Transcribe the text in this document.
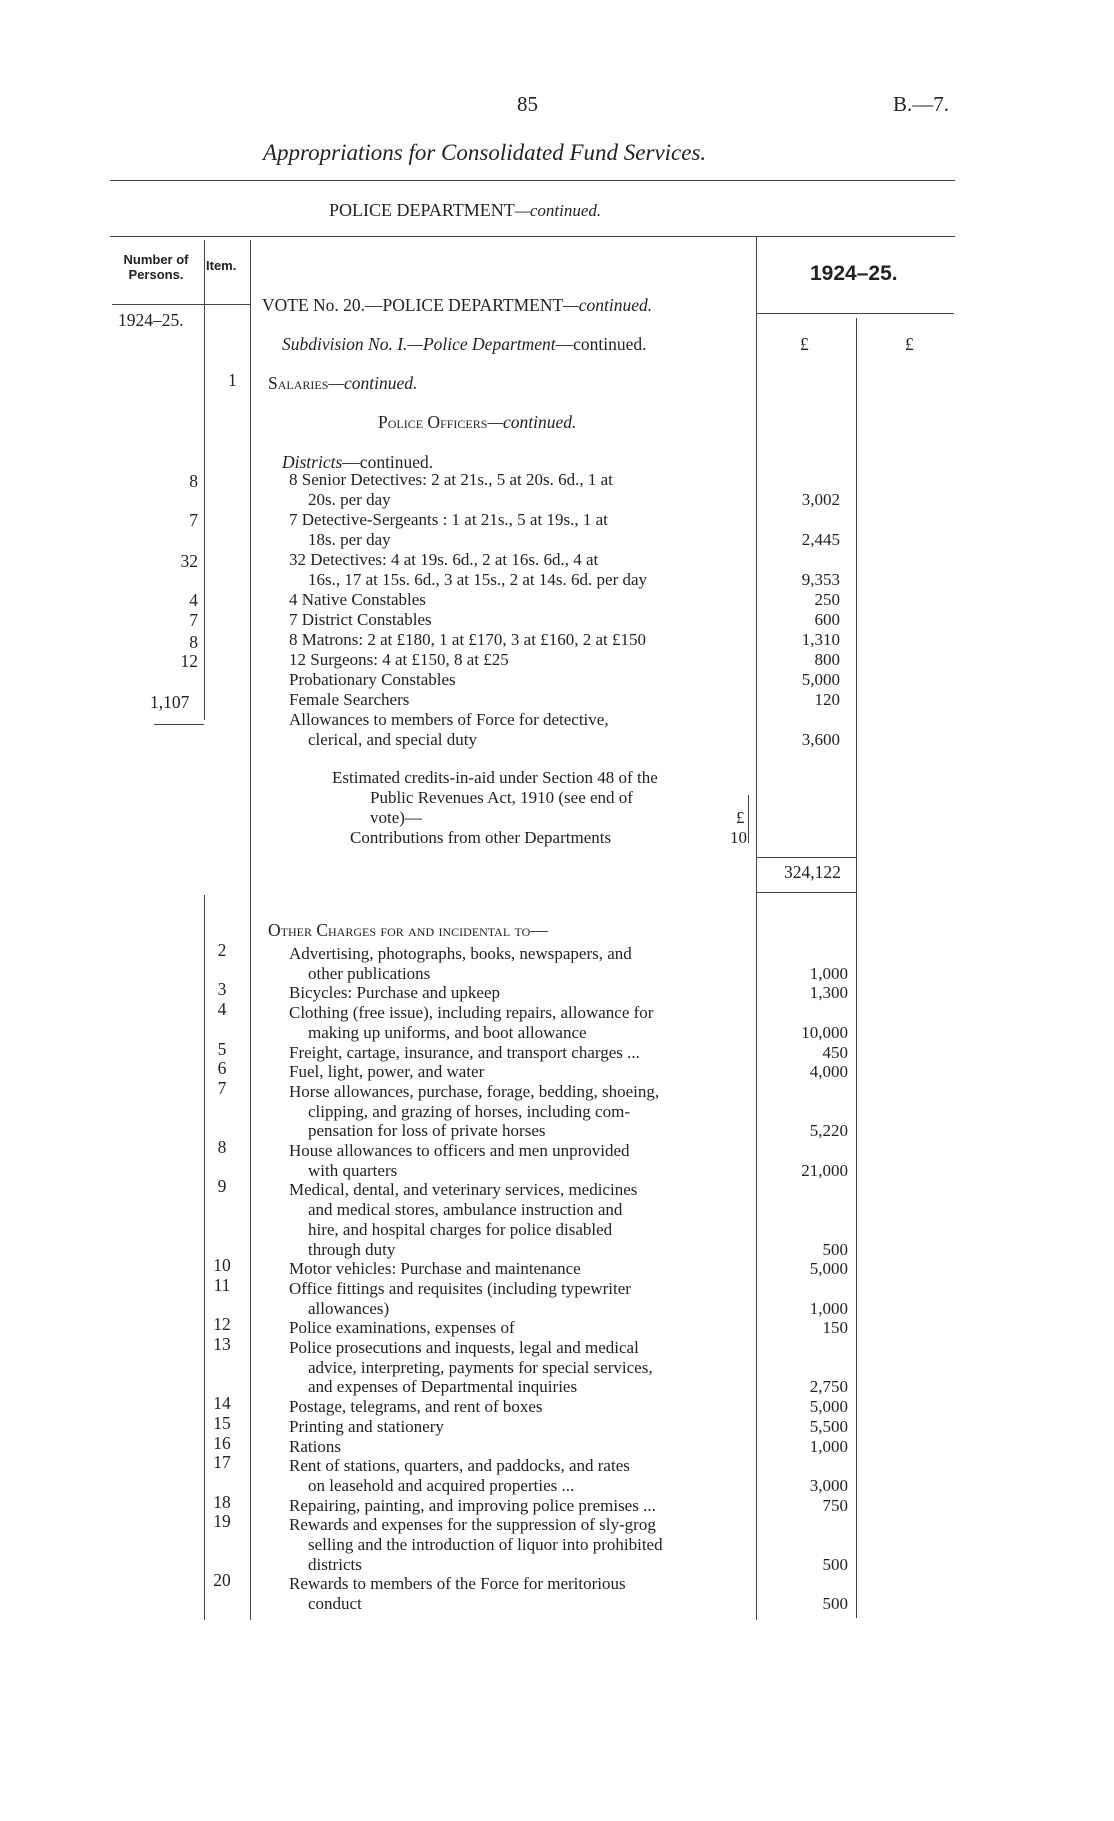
85	B.—7.
Appropriations for Consolidated Fund Services.
POLICE DEPARTMENT—continued.
Number of Persons.
Item.
1924–25.
1924–25.
VOTE No. 20.—POLICE DEPARTMENT—continued.
Subdivision No. I.—Police Department—continued.	£	£
1 Salaries—continued.
Police Officers—continued.
Districts—continued.
8	8 Senior Detectives: 2 at 21s., 5 at 20s. 6d., 1 at
20s. per day	3,002
7	7 Detective-Sergeants : 1 at 21s., 5 at 19s., 1 at
18s. per day	2,445
32	32 Detectives: 4 at 19s. 6d., 2 at 16s. 6d., 4 at
16s., 17 at 15s. 6d., 3 at 15s., 2 at 14s. 6d. per day	9,353
4	4 Native Constables	250
7	7 District Constables	600
8	8 Matrons: 2 at £180, 1 at £170, 3 at £160, 2 at £150	1,310
12	12 Surgeons: 4 at £150, 8 at £25	800
Probationary Constables	5,000
Female Searchers	120
Allowances to members of Force for detective,
clerical, and special duty	3,600
1,107
Estimated credits-in-aid under Section 48 of the
Public Revenues Act, 1910 (see end of
vote)—	£
Contributions from other Departments	10
324,122
Other Charges for and incidental to—
2	Advertising, photographs, books, newspapers, and
other publications	1,000
3	Bicycles: Purchase and upkeep	1,300
4	Clothing (free issue), including repairs, allowance for
making up uniforms, and boot allowance	10,000
5	Freight, cartage, insurance, and transport charges ...	450
6	Fuel, light, power, and water	4,000
7	Horse allowances, purchase, forage, bedding, shoeing,
clipping, and grazing of horses, including com-
pensation for loss of private horses	5,220
8	House allowances to officers and men unprovided
with quarters	21,000
9	Medical, dental, and veterinary services, medicines
and medical stores, ambulance instruction and
hire, and hospital charges for police disabled
through duty	500
10	Motor vehicles: Purchase and maintenance	5,000
11	Office fittings and requisites (including typewriter
allowances)	1,000
12	Police examinations, expenses of	150
13	Police prosecutions and inquests, legal and medical
advice, interpreting, payments for special services,
and expenses of Departmental inquiries	2,750
14	Postage, telegrams, and rent of boxes	5,000
15	Printing and stationery	5,500
16	Rations	1,000
17	Rent of stations, quarters, and paddocks, and rates
on leasehold and acquired properties ...	3,000
18	Repairing, painting, and improving police premises ...	750
19	Rewards and expenses for the suppression of sly-grog
selling and the introduction of liquor into prohibited
districts	500
20	Rewards to members of the Force for meritorious
conduct	500
